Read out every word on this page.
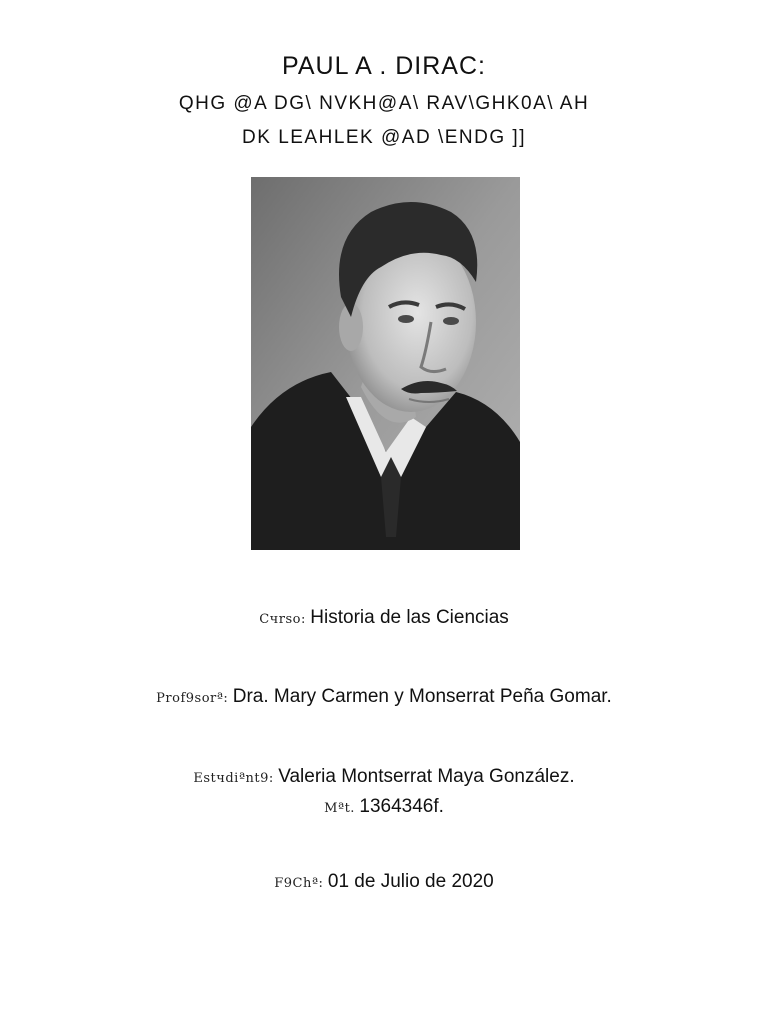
PAUL A . DIRAC:
QHG @A DG\ NVKH@A\ RAV\GHK0A\ AH
DK LEAHLEK @AD \ENDG ]]
Cчrso: Historia de las Ciencias
Prof9sorª: Dra. Mary Carmen y Monserrat Peña Gomar.
Estчdiªnt9: Valeria Montserrat Maya González.
Mªt. 1364346f.
F9Chª: 01 de Julio de 2020
